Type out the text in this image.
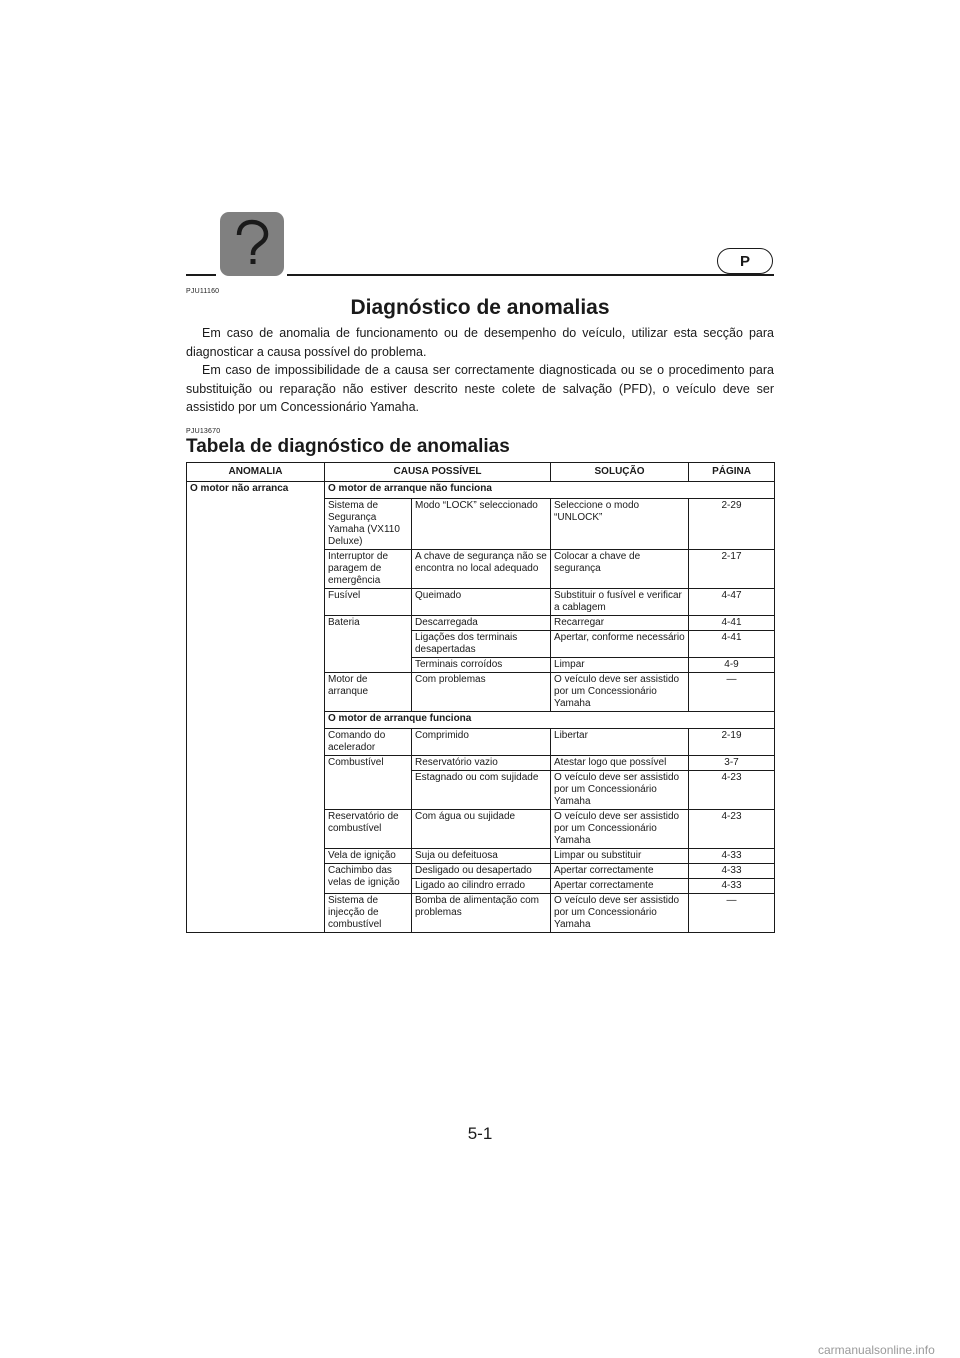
P
PJU11160
Diagnóstico de anomalias

Em caso de anomalia de funcionamento ou de desempenho do veículo, utilizar esta secção para diagnosticar a causa possível do problema.

Em caso de impossibilidade de a causa ser correctamente diagnosticada ou se o procedimento para substituição ou reparação não estiver descrito neste colete de salvação (PFD), o veículo deve ser assistido por um Concessionário Yamaha.

PJU13670
Tabela de diagnóstico de anomalias
ANOMALIA	CAUSA POSSÍVEL		SOLUÇÃO	PÁGINA
O motor não arranca	O motor de arranque não funciona			
	Sistema de Segurança Yamaha (VX110 Deluxe)	Modo “LOCK” seleccionado	Seleccione o modo “UNLOCK”	2-29
	Interruptor de paragem de emergência	A chave de segurança não se encontra no local adequado	Colocar a chave de segurança	2-17
	Fusível	Queimado	Substituir o fusível e verificar a cablagem	4-47
	Bateria	Descarregada	Recarregar	4-41
		Ligações dos terminais desapertadas	Apertar, conforme necessário	4-41
		Terminais corroídos	Limpar	4-9
	Motor de arranque	Com problemas	O veículo deve ser assistido por um Concessionário Yamaha	—
	O motor de arranque funciona			
	Comando do acelerador	Comprimido	Libertar	2-19
	Combustível	Reservatório vazio	Atestar logo que possível	3-7
		Estagnado ou com sujidade	O veículo deve ser assistido por um Concessionário Yamaha	4-23
	Reservatório de combustível	Com água ou sujidade	O veículo deve ser assistido por um Concessionário Yamaha	4-23
	Vela de ignição	Suja ou defeituosa	Limpar ou substituir	4-33
	Cachimbo das velas de ignição	Desligado ou desapertado	Apertar correctamente	4-33
		Ligado ao cilindro errado	Apertar correctamente	4-33
	Sistema de injecção de combustível	Bomba de alimentação com problemas	O veículo deve ser assistido por um Concessionário Yamaha	—
5-1
carmanualsonline.info
